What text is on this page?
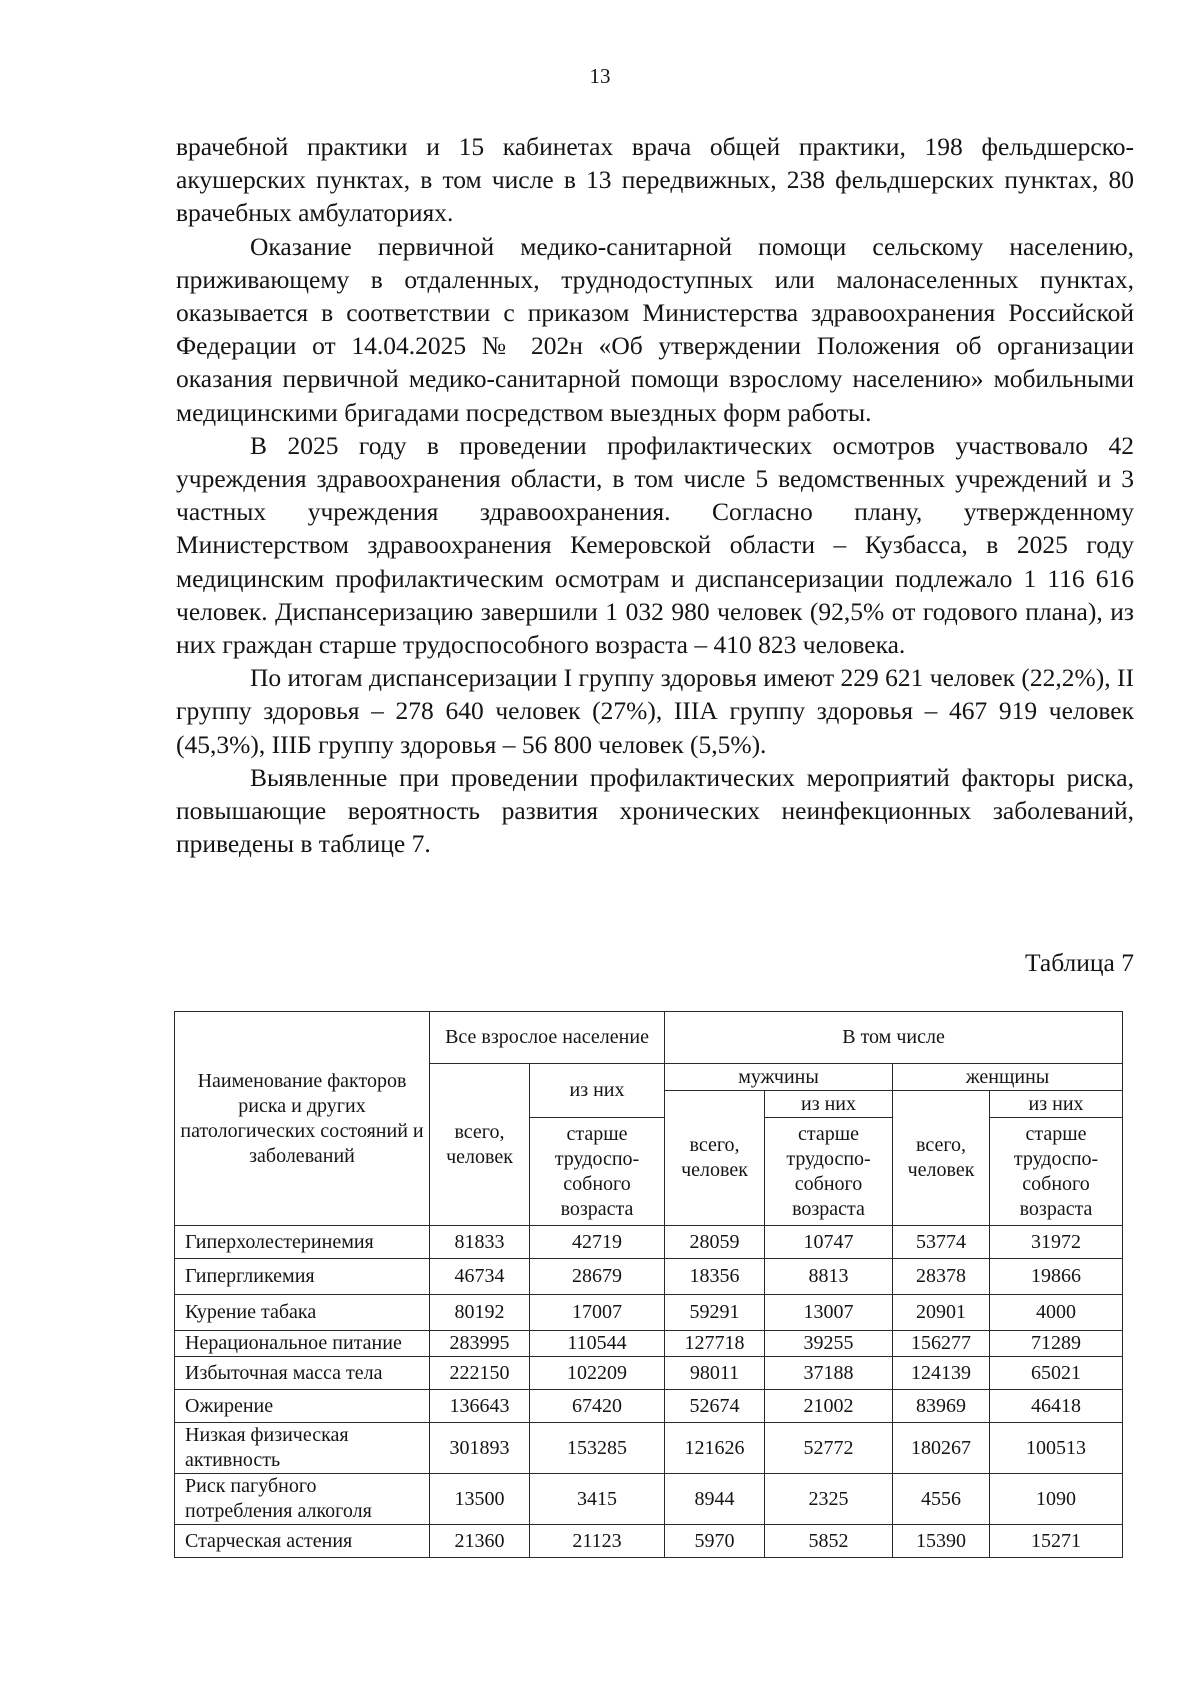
13

врачебной практики и 15 кабинетах врача общей практики, 198 фельдшерско-акушерских пунктах, в том числе в 13 передвижных, 238 фельдшерских пунктах, 80 врачебных амбулаториях.

Оказание первичной медико-санитарной помощи сельскому населению, приживающему в отдаленных, труднодоступных или малонаселенных пунктах, оказывается в соответствии с приказом Министерства здравоохранения Российской Федерации от 14.04.2025 № 202н «Об утверждении Положения об организации оказания первичной медико-санитарной помощи взрослому населению» мобильными медицинскими бригадами посредством выездных форм работы.

В 2025 году в проведении профилактических осмотров участвовало 42 учреждения здравоохранения области, в том числе 5 ведомственных учреждений и 3 частных учреждения здравоохранения. Согласно плану, утвержденному Министерством здравоохранения Кемеровской области – Кузбасса, в 2025 году медицинским профилактическим осмотрам и диспансеризации подлежало 1 116 616 человек. Диспансеризацию завершили 1 032 980 человек (92,5% от годового плана), из них граждан старше трудоспособного возраста – 410 823 человека.

По итогам диспансеризации I группу здоровья имеют 229 621 человек (22,2%), II группу здоровья – 278 640 человек (27%), IIIА группу здоровья – 467 919 человек (45,3%), IIIБ группу здоровья – 56 800 человек (5,5%).

Выявленные при проведении профилактических мероприятий факторы риска, повышающие вероятность развития хронических неинфекционных заболеваний, приведены в таблице 7.

Таблица 7
Наименование факторов риска и других патологических состояний и заболеваний	Все взрослое население		В том числе			
	всего, человек	из них	мужчины		женщины	
			всего, человек	из них	всего, человек	из них
		старше трудоспо-собного возраста		старше трудоспо-собного возраста		старше трудоспо-собного возраста
Гиперхолестеринемия	81833	42719	28059	10747	53774	31972
Гипергликемия	46734	28679	18356	8813	28378	19866
Курение табака	80192	17007	59291	13007	20901	4000
Нерациональное питание	283995	110544	127718	39255	156277	71289
Избыточная масса тела	222150	102209	98011	37188	124139	65021
Ожирение	136643	67420	52674	21002	83969	46418
Низкая физическая активность	301893	153285	121626	52772	180267	100513
Риск пагубного потребления алкоголя	13500	3415	8944	2325	4556	1090
Старческая астения	21360	21123	5970	5852	15390	15271
